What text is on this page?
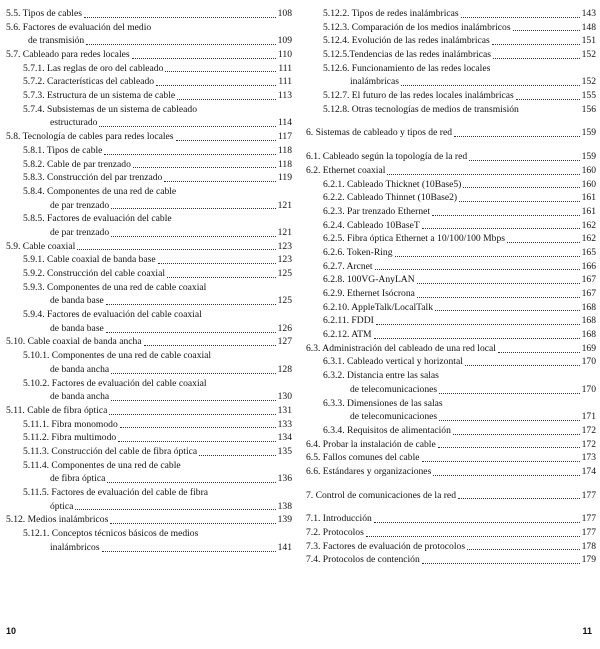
5.5. Tipos de cables	108
5.6. Factores de evaluación del medio
de transmisión	109
5.7. Cableado para redes locales	110
5.7.1. Las reglas de oro del cableado	111
5.7.2. Características del cableado	111
5.7.3. Estructura de un sistema de cable	113
5.7.4. Subsistemas de un sistema de cableado
estructurado	114
5.8. Tecnología de cables para redes locales	117
5.8.1. Tipos de cable	118
5.8.2. Cable de par trenzado	118
5.8.3. Construcción del par trenzado	119
5.8.4. Componentes de una red de cable
de par trenzado	121
5.8.5. Factores de evaluación del cable
de par trenzado	121
5.9. Cable coaxial	123
5.9.1. Cable coaxial de banda base	123
5.9.2. Construcción del cable coaxial	125
5.9.3. Componentes de una red de cable coaxial
de banda base	125
5.9.4. Factores de evaluación del cable coaxial
de banda base	126
5.10. Cable coaxial de banda ancha	127
5.10.1. Componentes de una red de cable coaxial
de banda ancha	128
5.10.2. Factores de evaluación del cable coaxial
de banda ancha	130
5.11. Cable de fibra óptica	131
5.11.1. Fibra monomodo	133
5.11.2. Fibra multimodo	134
5.11.3. Construcción del cable de fibra óptica	135
5.11.4. Componentes de una red de cable
de fibra óptica	136
5.11.5. Factores de evaluación del cable de fibra
óptica	138
5.12. Medios inalámbricos	139
5.12.1. Conceptos técnicos básicos de medios
inalámbricos	141
5.12.2. Tipos de redes inalámbricas	143
5.12.3. Comparación de los medios inalámbricos	148
5.12.4. Evolución de las redes inalámbricas	151
5.12.5.Tendencias de las redes inalámbricas	152
5.12.6. Funcionamiento de las redes locales
inalámbricas	152
5.12.7. El futuro de las redes locales inalámbricas	155
5.12.8. Otras tecnologías de medios de transmisión	156
6. Sistemas de cableado y tipos de red	159
6.1. Cableado según la topología de la red	159
6.2. Ethernet coaxial	160
6.2.1. Cableado Thicknet (10Base5)	160
6.2.2. Cableado Thinnet (10Base2)	161
6.2.3. Par trenzado Ethernet	161
6.2.4. Cableado 10BaseT	162
6.2.5. Fibra óptica Ethernet a 10/100/100 Mbps	162
6.2.6. Token-Ring	165
6.2.7. Arcnet	166
6.2.8. 100VG-AnyLAN	167
6.2.9. Ethernet Isócrona	167
6.2.10. AppleTalk/LocalTalk	168
6.2.11. FDDI	168
6.2.12. ATM	168
6.3. Administración del cableado de una red local	169
6.3.1. Cableado vertical y horizontal	170
6.3.2. Distancia entre las salas
de telecomunicaciones	170
6.3.3. Dimensiones de las salas
de telecomunicaciones	171
6.3.4. Requisitos de alimentación	172
6.4. Probar la instalación de cable	172
6.5. Fallos comunes del cable	173
6.6. Estándares y organizaciones	174
7. Control de comunicaciones de la red	177
7.1. Introducción	177
7.2. Protocolos	177
7.3. Factores de evaluación de protocolos	178
7.4. Protocolos de contención	179
10	11
